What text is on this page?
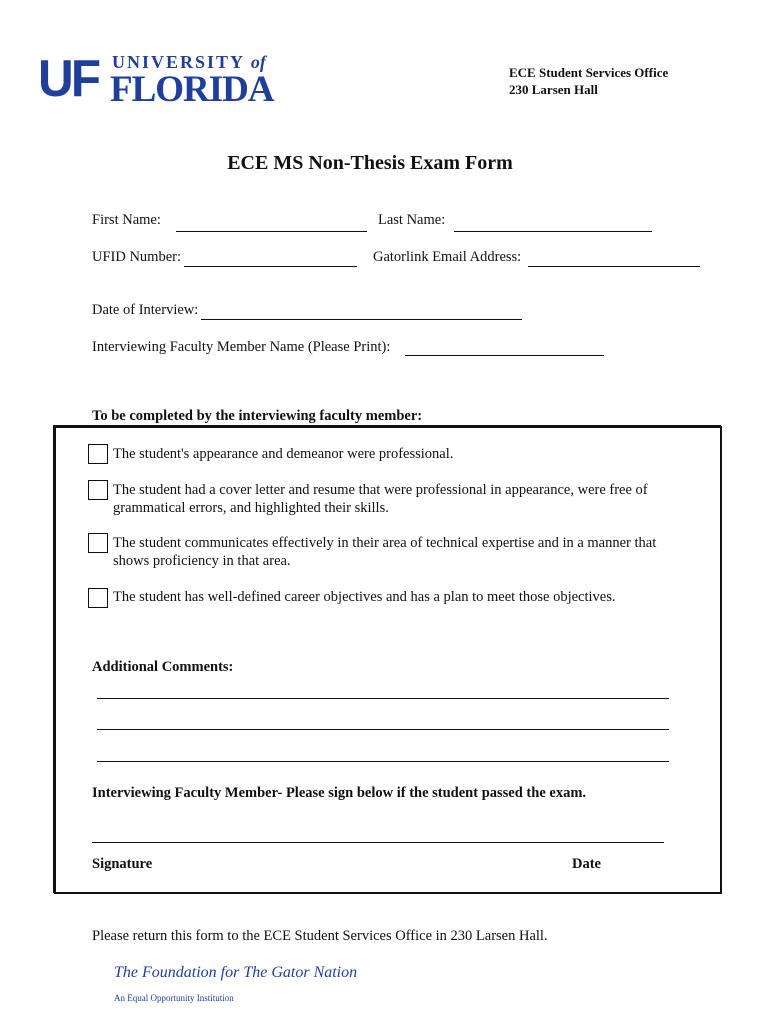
UF UNIVERSITY of
FLORIDA	ECE Student Services Office
230 Larsen Hall
ECE MS Non-Thesis Exam Form
First Name:	Last Name:
UFID Number:	Gatorlink Email Address:
Date of Interview:
Interviewing Faculty Member Name (Please Print):
To be completed by the interviewing faculty member:
The student's appearance and demeanor were professional.
The student had a cover letter and resume that were professional in appearance, were free of
grammatical errors, and highlighted their skills.
The student communicates effectively in their area of technical expertise and in a manner that
shows proficiency in that area.
The student has well-defined career objectives and has a plan to meet those objectives.
Additional Comments:
Interviewing Faculty Member- Please sign below if the student passed the exam.
Signature	Date
Please return this form to the ECE Student Services Office in 230 Larsen Hall.
The Foundation for The Gator Nation
An Equal Opportunity Institution
